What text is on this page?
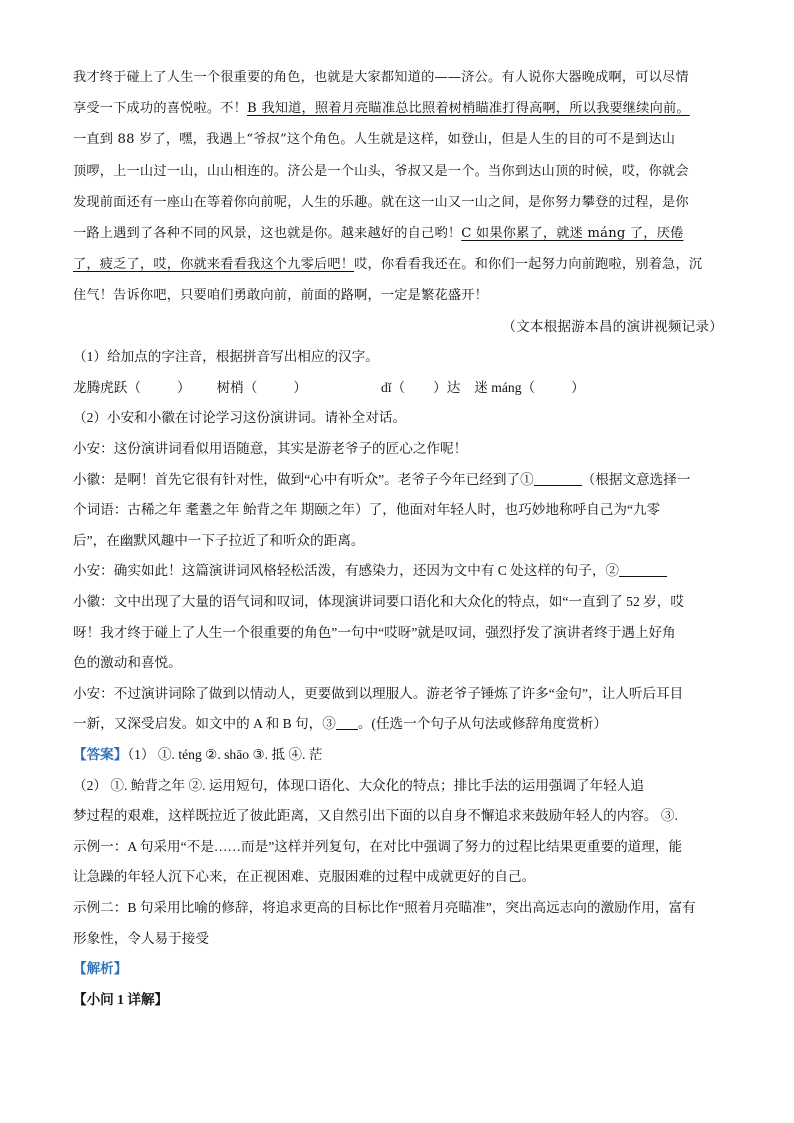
我才终于碰上了人生一个很重要的角色，也就是大家都知道的——济公。有人说你大器晚成啊，可以尽情

享受一下成功的喜悦啦。不！B 我知道，照着月亮瞄准总比照着树梢瞄准打得高啊，所以我要继续向前。

一直到 88 岁了，嘿，我遇上“爷叔”这个角色。人生就是这样，如登山，但是人生的目的可不是到达山

顶啰，上一山过一山，山山相连的。济公是一个山头，爷叔又是一个。当你到达山顶的时候，哎，你就会

发现前面还有一座山在等着你向前呢，人生的乐趣。就在这一山又一山之间，是你努力攀登的过程，是你

一路上遇到了各种不同的风景，这也就是你。越来越好的自己哟！C 如果你累了，就迷 máng 了，厌倦

了，疲乏了，哎，你就来看看我这个九零后吧！哎，你看看我还在。和你们一起努力向前跑啦，别着急，沉

住气！告诉你吧，只要咱们勇敢向前，前面的路啊，一定是繁花盛开！

（文本根据游本昌的演讲视频记录）

（1）给加点的字注音，根据拼音写出相应的汉字。

龙腾虎跃（	） 树梢（	）	dǐ（ ）达 迷 máng（	）

（2）小安和小徽在讨论学习这份演讲词。请补全对话。

小安：这份演讲词看似用语随意，其实是游老爷子的匠心之作呢！

小徽：是啊！首先它很有针对性，做到“心中有听众”。老爷子今年已经到了①	（根据文意选择一

个词语：古稀之年 耄耋之年 鲐背之年 期颐之年）了，他面对年轻人时，也巧妙地称呼自己为“九零

后”，在幽默风趣中一下子拉近了和听众的距离。

小安：确实如此！这篇演讲词风格轻松活泼，有感染力，还因为文中有 C 处这样的句子，②

小徽：文中出现了大量的语气词和叹词，体现演讲词要口语化和大众化的特点，如“一直到了 52 岁，哎

呀！我才终于碰上了人生一个很重要的角色”一句中“哎呀”就是叹词，强烈抒发了演讲者终于遇上好角

色的激动和喜悦。

小安：不过演讲词除了做到以情动人，更要做到以理服人。游老爷子锤炼了许多“金句”，让人听后耳目

一新，又深受启发。如文中的 A 和 B 句，③ 。(任选一个句子从句法或修辞角度赏析）

【答案】（1） ①. téng ②. shāo ③. 抵 ④. 茫

（2） ①. 鲐背之年 ②. 运用短句，体现口语化、大众化的特点；排比手法的运用强调了年轻人追

梦过程的艰难，这样既拉近了彼此距离，又自然引出下面的以自身不懈追求来鼓励年轻人的内容。 ③.

示例一：A 句采用“不是……而是”这样并列复句，在对比中强调了努力的过程比结果更重要的道理，能

让急躁的年轻人沉下心来，在正视困难、克服困难的过程中成就更好的自己。

示例二：B 句采用比喻的修辞，将追求更高的目标比作“照着月亮瞄准”，突出高远志向的激励作用，富有

形象性，令人易于接受

【解析】

【小问 1 详解】
